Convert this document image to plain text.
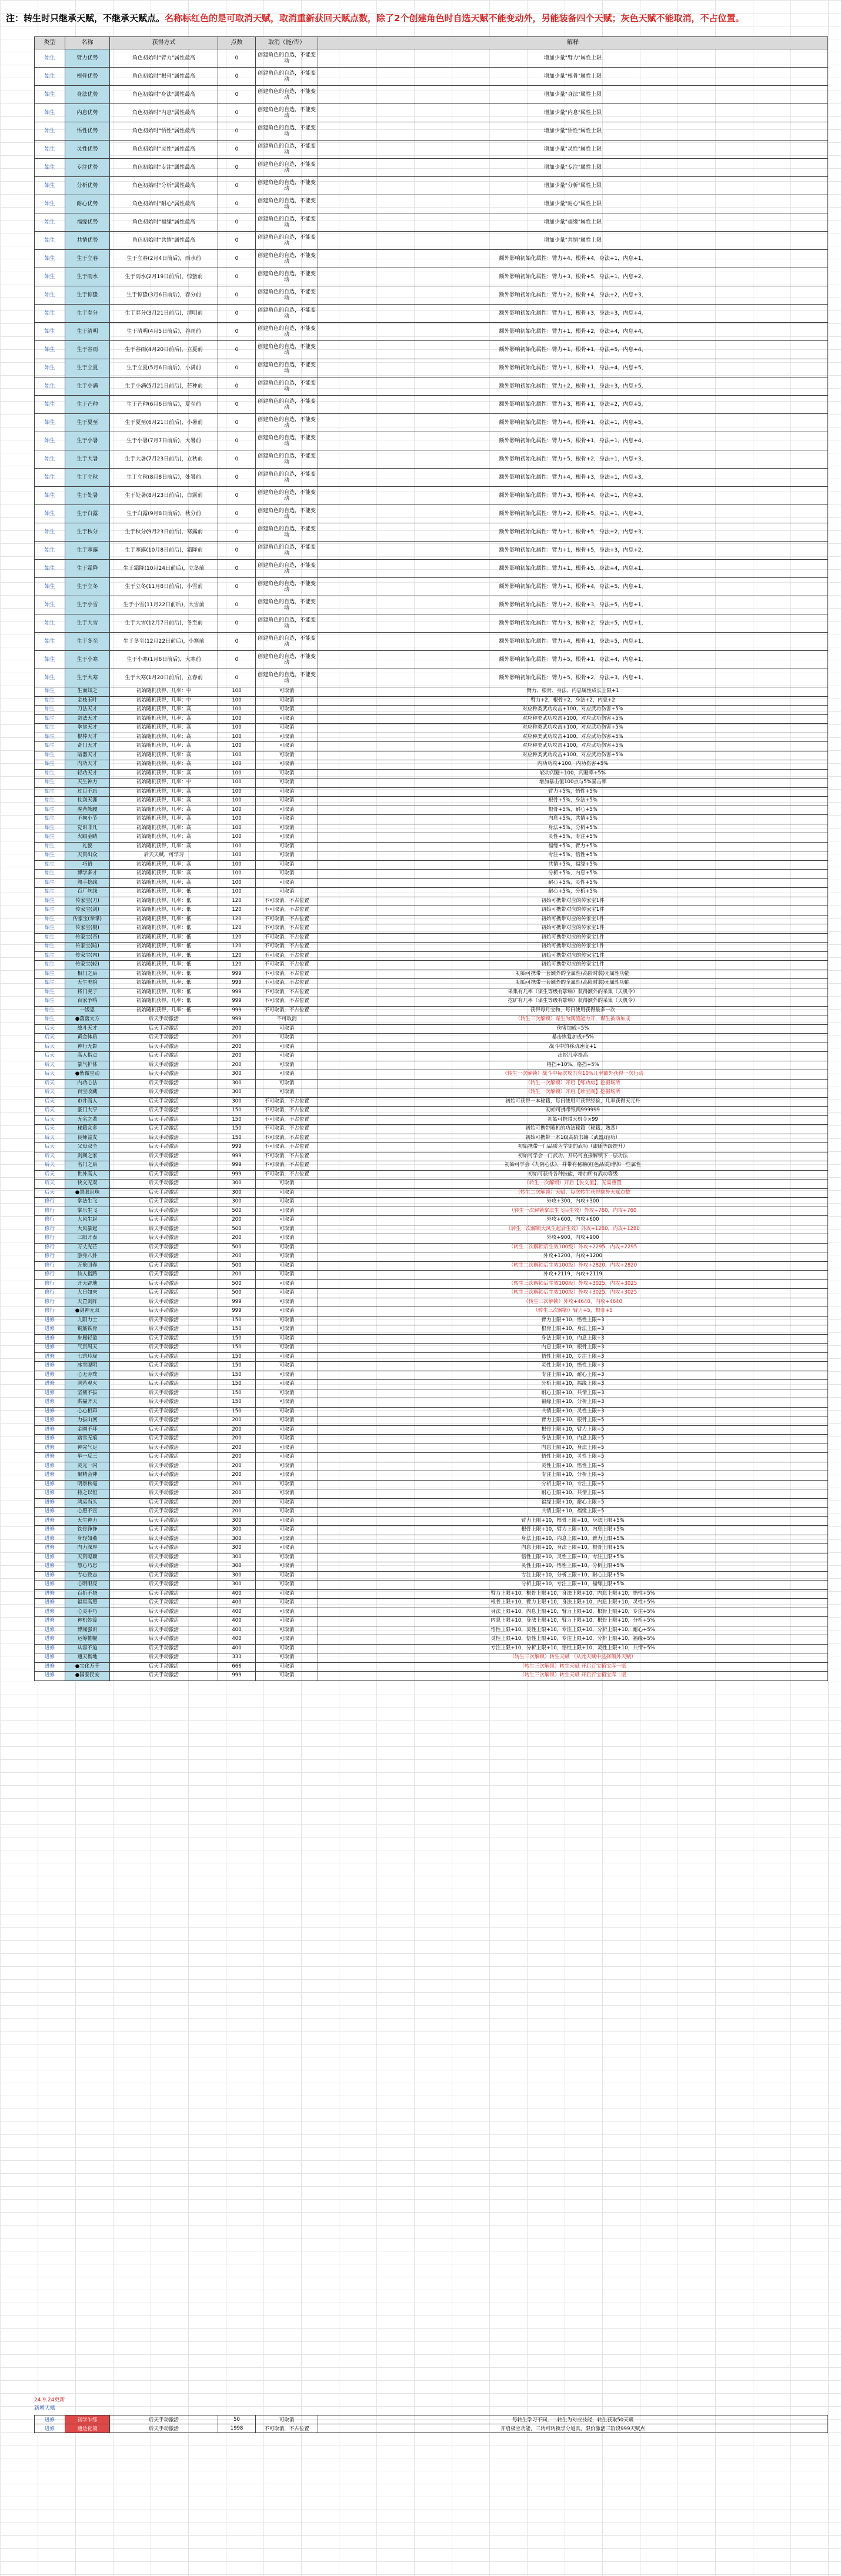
注：转生时只继承天赋，不继承天赋点。名称标红色的是可取消天赋，取消重新获回天赋点数，除了2个创建角色时自选天赋不能变动外，另能装备四个天赋；灰色天赋不能取消，不占位置。
类型	名称	获得方式	点数	取消（能/否）	解释
始生	臂力优势	角色初始时"臂力"属性最高	0	创建角色的自选，不能变动	增加少量"臂力"属性上限
始生	根骨优势	角色初始时"根骨"属性最高	0	创建角色的自选，不能变动	增加少量"根骨"属性上限
始生	身法优势	角色初始时"身法"属性最高	0	创建角色的自选，不能变动	增加少量"身法"属性上限
始生	内息优势	角色初始时"内息"属性最高	0	创建角色的自选，不能变动	增加少量"内息"属性上限
始生	悟性优势	角色初始时"悟性"属性最高	0	创建角色的自选，不能变动	增加少量"悟性"属性上限
始生	灵性优势	角色初始时"灵性"属性最高	0	创建角色的自选，不能变动	增加少量"灵性"属性上限
始生	专注优势	角色初始时"专注"属性最高	0	创建角色的自选，不能变动	增加少量"专注"属性上限
始生	分析优势	角色初始时"分析"属性最高	0	创建角色的自选，不能变动	增加少量"分析"属性上限
始生	耐心优势	角色初始时"耐心"属性最高	0	创建角色的自选，不能变动	增加少量"耐心"属性上限
始生	福缘优势	角色初始时"福缘"属性最高	0	创建角色的自选，不能变动	增加少量"福缘"属性上限
始生	共情优势	角色初始时"共情"属性最高	0	创建角色的自选，不能变动	增加少量"共情"属性上限
始生	生于立春	生于立春(2月4日前后)，雨水前	0	创建角色的自选，不能变动	额外影响初始化属性：臂力+4，根骨+4，身法+1，内息+1，
始生	生于雨水	生于雨水(2月19日前后)，惊蛰前	0	创建角色的自选，不能变动	额外影响初始化属性：臂力+3，根骨+5，身法+1，内息+2，
始生	生于惊蛰	生于惊蛰(3月6日前后)，春分前	0	创建角色的自选，不能变动	额外影响初始化属性：臂力+2，根骨+4，身法+2，内息+3，
始生	生于春分	生于春分(3月21日前后)，清明前	0	创建角色的自选，不能变动	额外影响初始化属性：臂力+1，根骨+3，身法+3，内息+4，
始生	生于清明	生于清明(4月5日前后)，谷雨前	0	创建角色的自选，不能变动	额外影响初始化属性：臂力+1，根骨+2，身法+4，内息+4，
始生	生于谷雨	生于谷雨(4月20日前后)，立夏前	0	创建角色的自选，不能变动	额外影响初始化属性：臂力+1，根骨+1，身法+5，内息+4，
始生	生于立夏	生于立夏(5月6日前后)，小满前	0	创建角色的自选，不能变动	额外影响初始化属性：臂力+1，根骨+1，身法+4，内息+5，
始生	生于小满	生于小满(5月21日前后)，芒种前	0	创建角色的自选，不能变动	额外影响初始化属性：臂力+2，根骨+1，身法+3，内息+5，
始生	生于芒种	生于芒种(6月6日前后)，夏至前	0	创建角色的自选，不能变动	额外影响初始化属性：臂力+3，根骨+1，身法+2，内息+5，
始生	生于夏至	生于夏至(6月21日前后)，小暑前	0	创建角色的自选，不能变动	额外影响初始化属性：臂力+4，根骨+1，身法+1，内息+5，
始生	生于小暑	生于小暑(7月7日前后)，大暑前	0	创建角色的自选，不能变动	额外影响初始化属性：臂力+5，根骨+1，身法+1，内息+4，
始生	生于大暑	生于大暑(7月23日前后)，立秋前	0	创建角色的自选，不能变动	额外影响初始化属性：臂力+5，根骨+2，身法+1，内息+3，
始生	生于立秋	生于立秋(8月8日前后)，处暑前	0	创建角色的自选，不能变动	额外影响初始化属性：臂力+4，根骨+3，身法+1，内息+3，
始生	生于处暑	生于处暑(8月23日前后)，白露前	0	创建角色的自选，不能变动	额外影响初始化属性：臂力+3，根骨+4，身法+1，内息+3，
始生	生于白露	生于白露(9月8日前后)，秋分前	0	创建角色的自选，不能变动	额外影响初始化属性：臂力+2，根骨+5，身法+1，内息+3，
始生	生于秋分	生于秋分(9月23日前后)，寒露前	0	创建角色的自选，不能变动	额外影响初始化属性：臂力+1，根骨+5，身法+2，内息+3，
始生	生于寒露	生于寒露(10月8日前后)，霜降前	0	创建角色的自选，不能变动	额外影响初始化属性：臂力+1，根骨+5，身法+3，内息+2，
始生	生于霜降	生于霜降(10月24日前后)，立冬前	0	创建角色的自选，不能变动	额外影响初始化属性：臂力+1，根骨+5，身法+4，内息+1，
始生	生于立冬	生于立冬(11月8日前后)，小雪前	0	创建角色的自选，不能变动	额外影响初始化属性：臂力+1，根骨+4，身法+5，内息+1，
始生	生于小雪	生于小雪(11月22日前后)，大雪前	0	创建角色的自选，不能变动	额外影响初始化属性：臂力+2，根骨+3，身法+5，内息+1，
始生	生于大雪	生于大雪(12月7日前后)，冬至前	0	创建角色的自选，不能变动	额外影响初始化属性：臂力+3，根骨+2，身法+5，内息+1，
始生	生于冬至	生于冬至(12月22日前后)，小寒前	0	创建角色的自选，不能变动	额外影响初始化属性：臂力+4，根骨+1，身法+5，内息+1，
始生	生于小寒	生于小寒(1月6日前后)，大寒前	0	创建角色的自选，不能变动	额外影响初始化属性：臂力+5，根骨+1，身法+4，内息+1，
始生	生于大寒	生于大寒(1月20日前后)，立春前	0	创建角色的自选，不能变动	额外影响初始化属性：臂力+5，根骨+2，身法+3，内息+1，
始生	生而知之	初始随机获得，几率：中	100	可取消	臂力、根骨、身法、内息属性成长上限+1
始生	金枝玉叶	初始随机获得，几率：中	100	可取消	臂力+2，根骨+2，身法+2，内息+2
始生	刀法天才	初始随机获得，几率：高	100	可取消	对应种类武功攻击+100，对应武功伤害+5%
始生	剑法天才	初始随机获得，几率：高	100	可取消	对应种类武功攻击+100，对应武功伤害+5%
始生	拳掌天才	初始随机获得，几率：高	100	可取消	对应种类武功攻击+100，对应武功伤害+5%
始生	棍棒天才	初始随机获得，几率：高	100	可取消	对应种类武功攻击+100，对应武功伤害+5%
始生	奇门天才	初始随机获得，几率：高	100	可取消	对应种类武功攻击+100，对应武功伤害+5%
始生	暗器天才	初始随机获得，几率：高	100	可取消	对应种类武功攻击+100，对应武功伤害+5%
始生	内功天才	初始随机获得，几率：高	100	可取消	内功功攻+100，内功伤害+5%
始生	轻功天才	初始随机获得，几率：高	100	可取消	轻功闪避+100，闪避率+5%
始生	天生神力	初始随机获得，几率：中	100	可取消	增加暴击值100点与5%暴击率
始生	过目不忘	初始随机获得，几率：高	100	可取消	臂力+5%，悟性+5%
始生	仗剑天涯	初始随机获得，几率：高	100	可取消	根骨+5%，身法+5%
始生	虎背熊腰	初始随机获得，几率：高	100	可取消	根骨+5%，耐心+5%
始生	不拘小节	初始随机获得，几率：高	100	可取消	内息+5%，共情+5%
始生	觉识非凡	初始随机获得，几率：高	100	可取消	身法+5%，分析+5%
始生	火眼金睛	初始随机获得，几率：高	100	可取消	灵性+5%，专注+5%
始生	礼貌	初始随机获得，几率：高	100	可取消	福缘+5%，臂力+5%
始生	天资出众	后天天赋，可学习	100	可取消	专注+5%，悟性+5%
始生	巧语	初始随机获得，几率：高	100	可取消	共情+5%，福缘+5%
始生	博学多才	初始随机获得，几率：高	100	可取消	分析+5%，内息+5%
始生	熟手捻线	初始随机获得，几率：高	100	可取消	耐心+5%，灵性+5%
始生	百厂丝线	初始随机获得，几率：低	100	可取消	耐心+5%，分析+5%
始生	传家宝(刀)	初始随机获得，几率：低	120	不可取消，不占位置	初始可携带对应的传家宝1件
始生	传家宝(剑)	初始随机获得，几率：低	120	不可取消，不占位置	初始可携带对应的传家宝1件
始生	传家宝(拳掌)	初始随机获得，几率：低	120	不可取消，不占位置	初始可携带对应的传家宝1件
始生	传家宝(棍)	初始随机获得，几率：低	120	不可取消，不占位置	初始可携带对应的传家宝1件
始生	传家宝(奇)	初始随机获得，几率：低	120	不可取消，不占位置	初始可携带对应的传家宝1件
始生	传家宝(暗)	初始随机获得，几率：低	120	不可取消，不占位置	初始可携带对应的传家宝1件
始生	传家宝(内)	初始随机获得，几率：低	120	不可取消，不占位置	初始可携带对应的传家宝1件
始生	传家宝(轻)	初始随机获得，几率：低	120	不可取消，不占位置	初始可携带对应的传家宝1件
始生	相门之后	初始随机获得，几率：低	999	不可取消，不占位置	初始可携带一套额外的全属性(高阶时装)无属性功能
始生	天生美貌	初始随机获得，几率：低	999	不可取消，不占位置	初始可携带一套额外的全属性(高阶时装)无属性功能
始生	将门虎子	初始随机获得，几率：低	999	不可取消，不占位置	采集有几率（谋生等级有影响）获得额外的采集（天机令）
始生	百家争鸣	初始随机获得，几率：低	999	不可取消，不占位置	挖矿有几率（谋生等级有影响）获得额外的采集（天机令）
始生	一饭恩	初始随机获得，几率：低	999	不可取消，不占位置	获得每月宝物，每日使用获得最多一次
始生	●落落大方	后天手动激活	999	不可取消	（转生三次解锁）谋生为满值能力开，谋生被动加成
后天	战斗天才	后天手动激活	200	可取消	伤害加成+5%
后天	黄金体质	后天手动激活	200	可取消	暴击恢复加成+5%
后天	神行无影	后天手动激活	200	可取消	战斗中的移动速度+1
后天	高人指点	后天手动激活	200	可取消	出招几率提高
后天	暴气护体	后天手动激活	200	可取消	格挡+10%，格挡+5%
后天	●紫微星动	后天手动激活	300	可取消	（转生一次解锁）战斗中每次攻击有10%几率额外获得一次行动
后天	内功心法	后天手动激活	300	可取消	（转生一次解锁）开启【练功房】挖掘场所
后天	百宝收藏	后天手动激活	300	可取消	（转生一次解锁）开启【珍宝阁】挖掘场所
后天	市井商人	后天手动激活	300	不可取消，不占位置	初始可获得一本秘籍，每日使用可获得经验，几率获得天元丹
后天	豪门大亨	后天手动激活	150	不可取消，不占位置	初始可携带银两999999
后天	无名之辈	后天手动激活	150	不可取消，不占位置	初始可携带天机令×99
后天	秘籍众多	后天手动激活	150	不可取消，不占位置	初始可携带随机的功法秘籍（秘籍，熟悉）
后天	良师益友	后天手动激活	150	不可取消，不占位置	初始可携带一本1级高阶书籍（武器/轻功）
后天	父母双全	后天手动激活	999	不可取消，不占位置	初始携带一门品质为学徒的武功（跟随等级提升）
后天	剑阁之家	后天手动激活	999	不可取消，不占位置	初始可学会一门武功，开局可直接解锁下一层功法
后天	名门之后	后天手动激活	999	不可取消，不占位置	初始可学会《九阴心法》，并带有秘籍(红色品质)增加一些属性
后天	世外高人	后天手动激活	999	不可取消，不占位置	初始可获得各种技能，增加所有武功等级
后天	侠义无双	后天手动激活	300	可取消	（转生一次解锁）开启【侠义值】，无需重置
后天	●慧眼识珠	后天手动激活	300	可取消	（转生二次解锁）天赋、每次转生获得额外天赋点数
修行	掌法生飞	后天手动激活	300	可取消	外攻+300，内攻+300
修行	掌乐生飞	后天手动激活	500	可取消	（转生一次解锁掌法生飞后生效）外攻+760，内攻+760
修行	大风生起	后天手动激活	200	可取消	外攻+600，内攻+600
修行	大风暴起	后天手动激活	500	可取消	（转生一次解锁大风生起后生效）外攻+1280，内攻+1280
修行	三阳开泰	后天手动激活	200	可取消	外攻+900，内攻+900
修行	万丈光芒	后天手动激活	500	可取消	（转生二次解锁后生效100级）外攻+2295，内攻+2295
修行	游身八卦	后天手动激活	200	可取消	外攻+1200，内攻+1200
修行	万象回春	后天手动激活	500	可取消	（转生二次解锁后生效100级）外攻+2820，内攻+2820
修行	仙人指路	后天手动激活	200	可取消	外攻+2119，内攻+2119
修行	开天辟地	后天手动激活	500	可取消	（转生三次解锁后生效100级）外攻+3025，内攻+3025
修行	大日如来	后天手动激活	500	可取消	（转生三次解锁后生效100级）外攻+3025，内攻+3025
修行	天罡剑阵	后天手动激活	999	可取消	（转生三次解锁）外攻+4640，内攻+4640
修行	●剑神无双	后天手动激活	999	可取消	（转生三次解锁）臂力+5，根骨+5
进修	九阳力士	后天手动激活	150	可取消	臂力上限+10，悟性上限+3
进修	铜筋铁骨	后天手动激活	150	可取消	根骨上限+10，身法上限+3
进修	步履轻盈	后天手动激活	150	可取消	身法上限+10，内息上限+3
进修	气贯周天	后天手动激活	150	可取消	内息上限+10，根骨上限+3
进修	七窍玲珑	后天手动激活	150	可取消	悟性上限+10，专注上限+3
进修	冰雪聪明	后天手动激活	150	可取消	灵性上限+10，悟性上限+3
进修	心无旁骛	后天手动激活	150	可取消	专注上限+10，耐心上限+3
进修	洞若观火	后天手动激活	150	可取消	分析上限+10，福缘上限+3
进修	坚韧不拔	后天手动激活	150	可取消	耐心上限+10，共情上限+3
进修	洪福齐天	后天手动激活	150	可取消	福缘上限+10，分析上限+3
进修	心心相印	后天手动激活	150	可取消	共情上限+10，灵性上限+3
进修	力拔山河	后天手动激活	200	可取消	臂力上限+10，根骨上限+5
进修	金刚不坏	后天手动激活	200	可取消	根骨上限+10，臂力上限+5
进修	踏雪无痕	后天手动激活	200	可取消	身法上限+10，内息上限+5
进修	神完气足	后天手动激活	200	可取消	内息上限+10，身法上限+5
进修	举一反三	后天手动激活	200	可取消	悟性上限+10，灵性上限+5
进修	灵光一闪	后天手动激活	200	可取消	灵性上限+10，悟性上限+5
进修	聚精会神	后天手动激活	200	可取消	专注上限+10，分析上限+5
进修	明察秋毫	后天手动激活	200	可取消	分析上限+10，专注上限+5
进修	持之以恒	后天手动激活	200	可取消	耐心上限+10，共情上限+5
进修	鸿运当头	后天手动激活	200	可取消	福缘上限+10，耐心上限+5
进修	心照不宣	后天手动激活	200	可取消	共情上限+10，福缘上限+5
进修	天生神力	后天手动激活	300	可取消	臂力上限+10，根骨上限+10，身法上限+5%
进修	铁骨铮铮	后天手动激活	300	可取消	根骨上限+10，臂力上限+10，内息上限+5%
进修	身轻如燕	后天手动激活	300	可取消	身法上限+10，内息上限+10，臂力上限+5%
进修	内力深厚	后天手动激活	300	可取消	内息上限+10，身法上限+10，根骨上限+5%
进修	天资聪颖	后天手动激活	300	可取消	悟性上限+10，灵性上限+10，专注上限+5%
进修	慧心巧思	后天手动激活	300	可取消	灵性上限+10，悟性上限+10，分析上限+5%
进修	专心致志	后天手动激活	300	可取消	专注上限+10，分析上限+10，耐心上限+5%
进修	心明眼亮	后天手动激活	300	可取消	分析上限+10，专注上限+10，福缘上限+5%
进修	百折不挠	后天手动激活	400	可取消	臂力上限+10，根骨上限+10，身法上限+10，内息上限+10，悟性+5%
进修	福星高照	后天手动激活	400	可取消	根骨上限+10，臂力上限+10，身法上限+10，内息上限+10，灵性+5%
进修	心灵手巧	后天手动激活	400	可取消	身法上限+10，内息上限+10，臂力上限+10，根骨上限+10，专注+5%
进修	神机妙算	后天手动激活	400	可取消	内息上限+10，身法上限+10，臂力上限+10，根骨上限+10，分析+5%
进修	博闻强识	后天手动激活	400	可取消	悟性上限+10，灵性上限+10，专注上限+10，分析上限+10，耐心+5%
进修	运筹帷幄	后天手动激活	400	可取消	灵性上限+10，悟性上限+10，专注上限+10，分析上限+10，福缘+5%
进修	从容不迫	后天手动激活	400	可取消	专注上限+10，分析上限+10，悟性上限+10，灵性上限+10，共情+5%
进修	通天彻地	后天手动激活	333	可取消	（转生三次解锁）转生天赋 （从此天赋中选择额外天赋）
进修	●宝化万千	后天手动激活	666	可取消	（转生三次解锁）转生天赋 开启百宝箱宝库一瓶
进修	●国泰民安	后天手动激活	999	可取消	（转生三次解锁）转生天赋 开启百宝箱宝库二瓶
24.9.24更新
新增天赋
进修	初学乍练	后天手动激活	50	可取消	每转生学习不同，二转生为对应技能，转生获取50天赋
进修	通达化境	后天手动激活	1998	不可取消，不占位置	开启极宝功能，三转可转换学分道具，限价激活三阶段999天赋点
